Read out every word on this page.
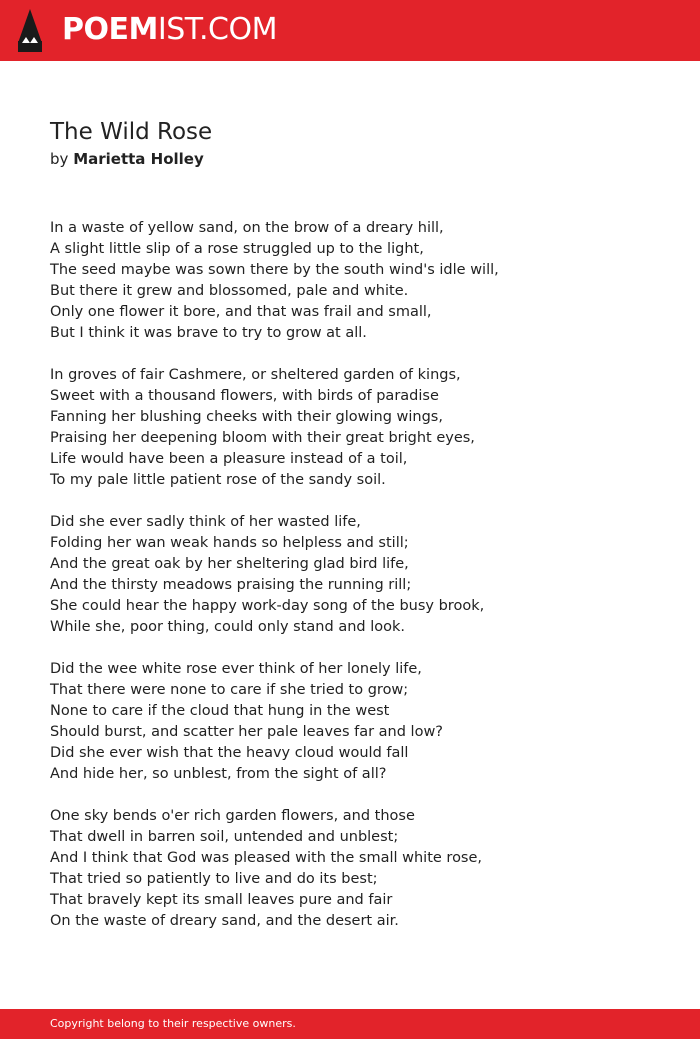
POEMIST.COM
The Wild Rose
by Marietta Holley
In a waste of yellow sand, on the brow of a dreary hill,
A slight little slip of a rose struggled up to the light,
The seed maybe was sown there by the south wind's idle will,
But there it grew and blossomed, pale and white.
Only one flower it bore, and that was frail and small,
But I think it was brave to try to grow at all.
In groves of fair Cashmere, or sheltered garden of kings,
Sweet with a thousand flowers, with birds of paradise
Fanning her blushing cheeks with their glowing wings,
Praising her deepening bloom with their great bright eyes,
Life would have been a pleasure instead of a toil,
To my pale little patient rose of the sandy soil.
Did she ever sadly think of her wasted life,
Folding her wan weak hands so helpless and still;
And the great oak by her sheltering glad bird life,
And the thirsty meadows praising the running rill;
She could hear the happy work-day song of the busy brook,
While she, poor thing, could only stand and look.
Did the wee white rose ever think of her lonely life,
That there were none to care if she tried to grow;
None to care if the cloud that hung in the west
Should burst, and scatter her pale leaves far and low?
Did she ever wish that the heavy cloud would fall
And hide her, so unblest, from the sight of all?
One sky bends o'er rich garden flowers, and those
That dwell in barren soil, untended and unblest;
And I think that God was pleased with the small white rose,
That tried so patiently to live and do its best;
That bravely kept its small leaves pure and fair
On the waste of dreary sand, and the desert air.
Copyright belong to their respective owners.
